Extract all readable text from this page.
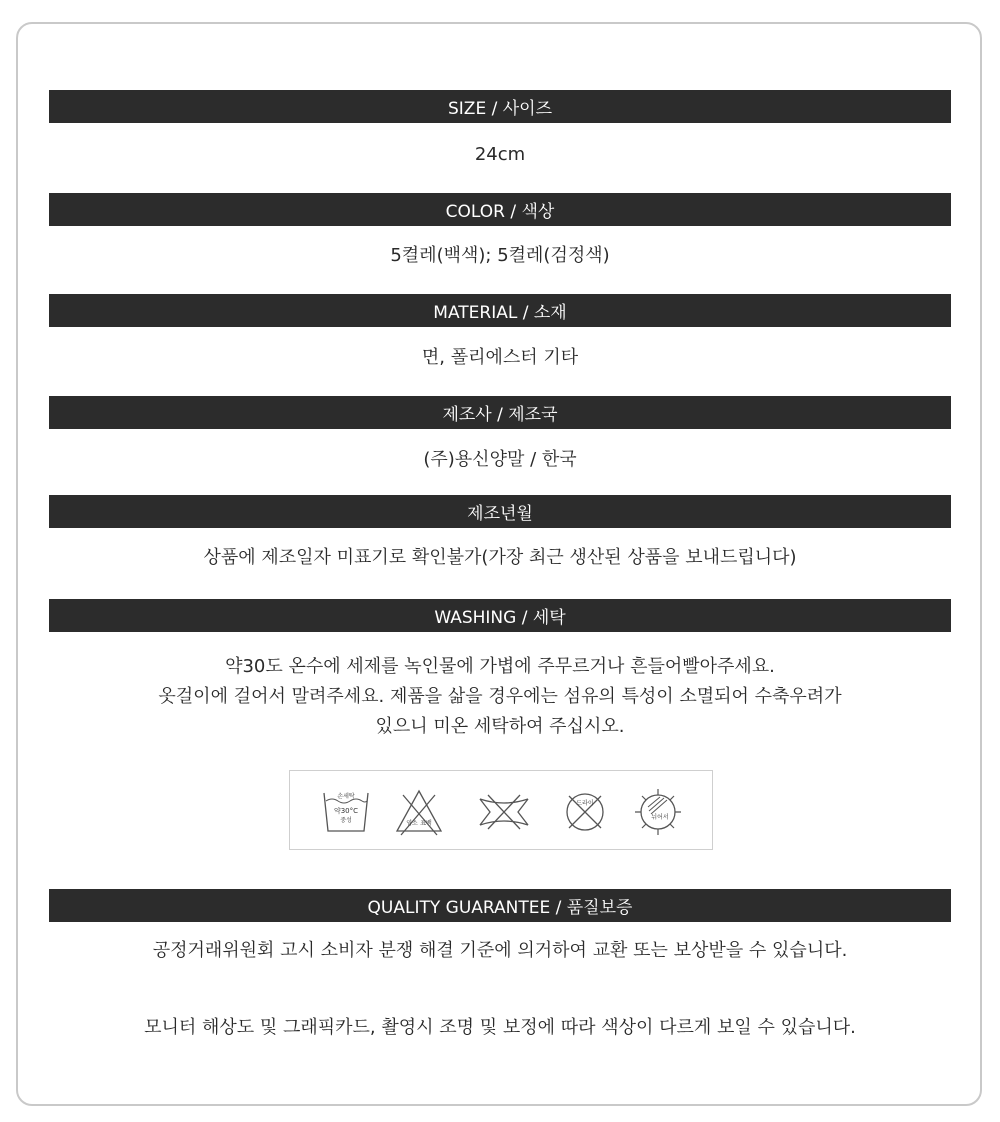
SIZE / 사이즈
24cm
COLOR / 색상
5켤레(백색); 5켤레(검정색)
MATERIAL / 소재
면, 폴리에스터 기타
제조사 / 제조국
(주)용신양말 / 한국
제조년월
상품에 제조일자 미표기로 확인불가(가장 최근 생산된 상품을 보내드립니다)
WASHING / 세탁
약30도 온수에 세제를 녹인물에 가볍에 주무르거나 흔들어빨아주세요.
옷걸이에 걸어서 말려주세요. 제품을 삶을 경우에는 섬유의 특성이 소멸되어 수축우려가
있으니 미온 세탁하여 주십시오.
손세탁
약30°C
중성	염소 표백
드라이
뉘어서
QUALITY GUARANTEE / 품질보증
공정거래위원회 고시 소비자 분쟁 해결 기준에 의거하여 교환 또는 보상받을 수 있습니다.
모니터 해상도 및 그래픽카드, 촬영시 조명 및 보정에 따라 색상이 다르게 보일 수 있습니다.
